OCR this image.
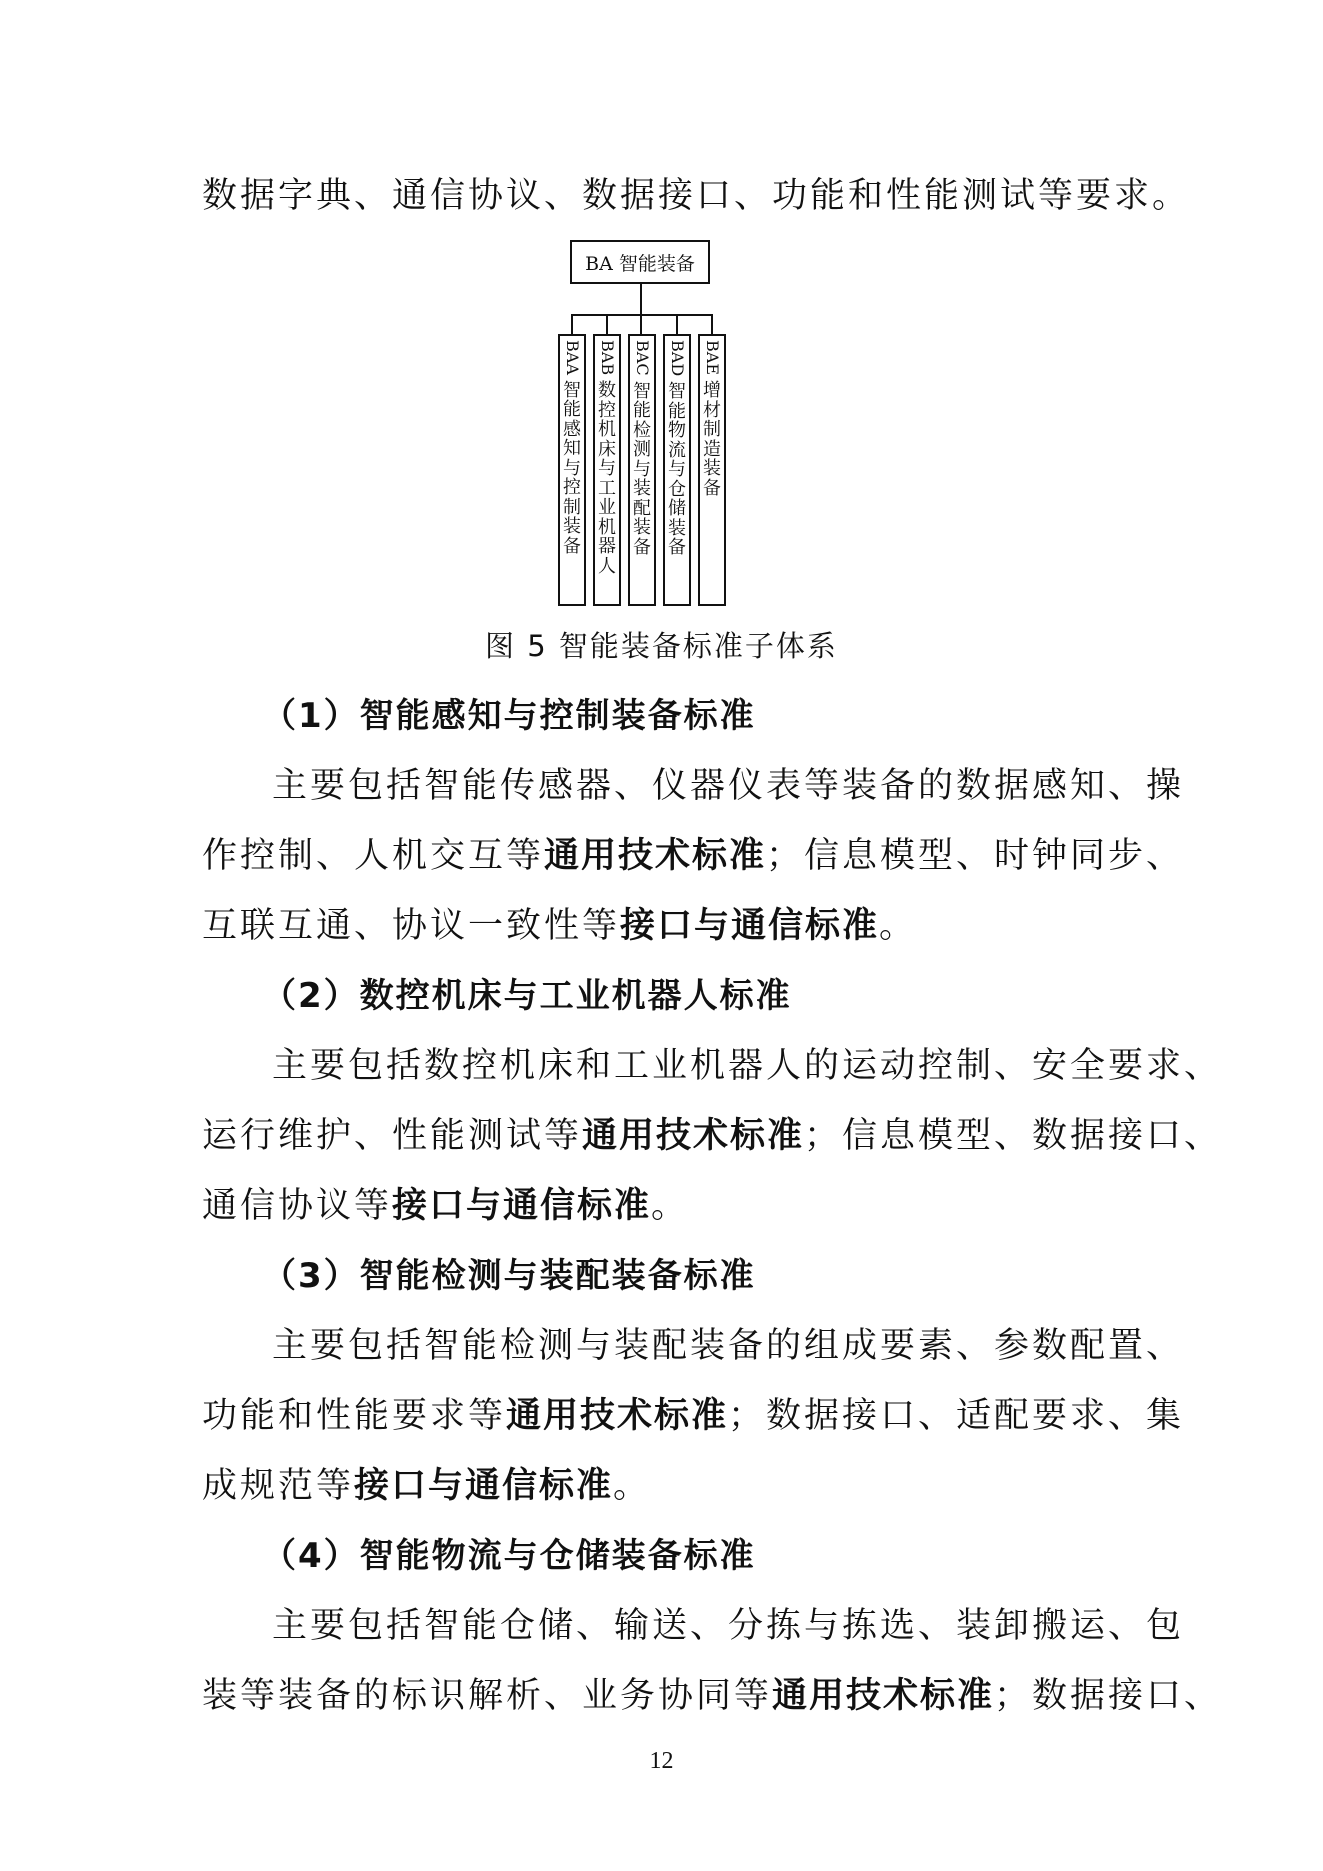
数据字典、通信协议、数据接口、功能和性能测试等要求。
BA 智能装备
BAA
智能感知与控制装备
BAB
数控机床与工业机器人
BAC
智能检测与装配装备
BAD
智能物流与仓储装备
BAE
增材制造装备
图 5 智能装备标准子体系
（1）智能感知与控制装备标准
主要包括智能传感器、仪器仪表等装备的数据感知、操
作控制、人机交互等通用技术标准；信息模型、时钟同步、
互联互通、协议一致性等接口与通信标准。
（2）数控机床与工业机器人标准
主要包括数控机床和工业机器人的运动控制、安全要求、
运行维护、性能测试等通用技术标准；信息模型、数据接口、
通信协议等接口与通信标准。
（3）智能检测与装配装备标准
主要包括智能检测与装配装备的组成要素、参数配置、
功能和性能要求等通用技术标准；数据接口、适配要求、集
成规范等接口与通信标准。
（4）智能物流与仓储装备标准
主要包括智能仓储、输送、分拣与拣选、装卸搬运、包
装等装备的标识解析、业务协同等通用技术标准；数据接口、
12
